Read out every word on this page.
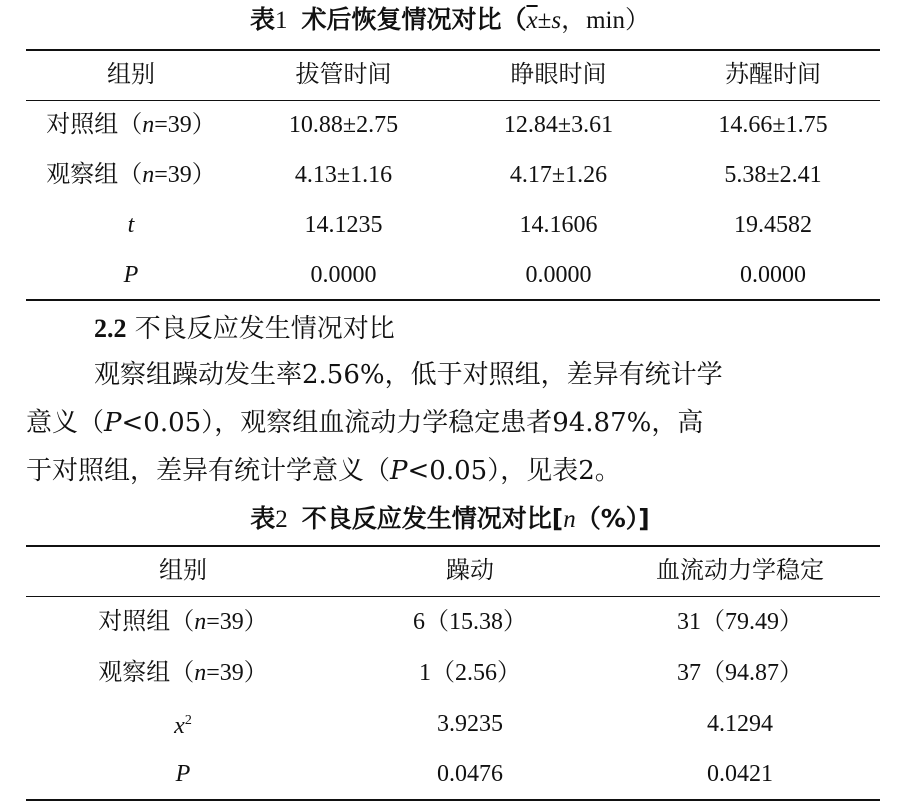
表1 术后恢复情况对比（$\overline{x}\pm s$，min）
组别	拔管时间	睁眼时间	苏醒时间
对照组（n=39）	10.88±2.75	12.84±3.61	14.66±1.75
观察组（n=39）	4.13±1.16	4.17±1.26	5.38±2.41
t	14.1235	14.1606	19.4582
P	0.0000	0.0000	0.0000
2.2 不良反应发生情况对比
观察组躁动发生率2.56%，低于对照组，差异有统计学
意义（P<0.05），观察组血流动力学稳定患者94.87%，高
于对照组，差异有统计学意义（P<0.05），见表2。
表2 不良反应发生情况对比[n（%）]
组别	躁动	血流动力学稳定
对照组（n=39）	6（15.38）	31（79.49）
观察组（n=39）	1（2.56）	37（94.87）
$x^2$	3.9235	4.1294
P	0.0476	0.0421
